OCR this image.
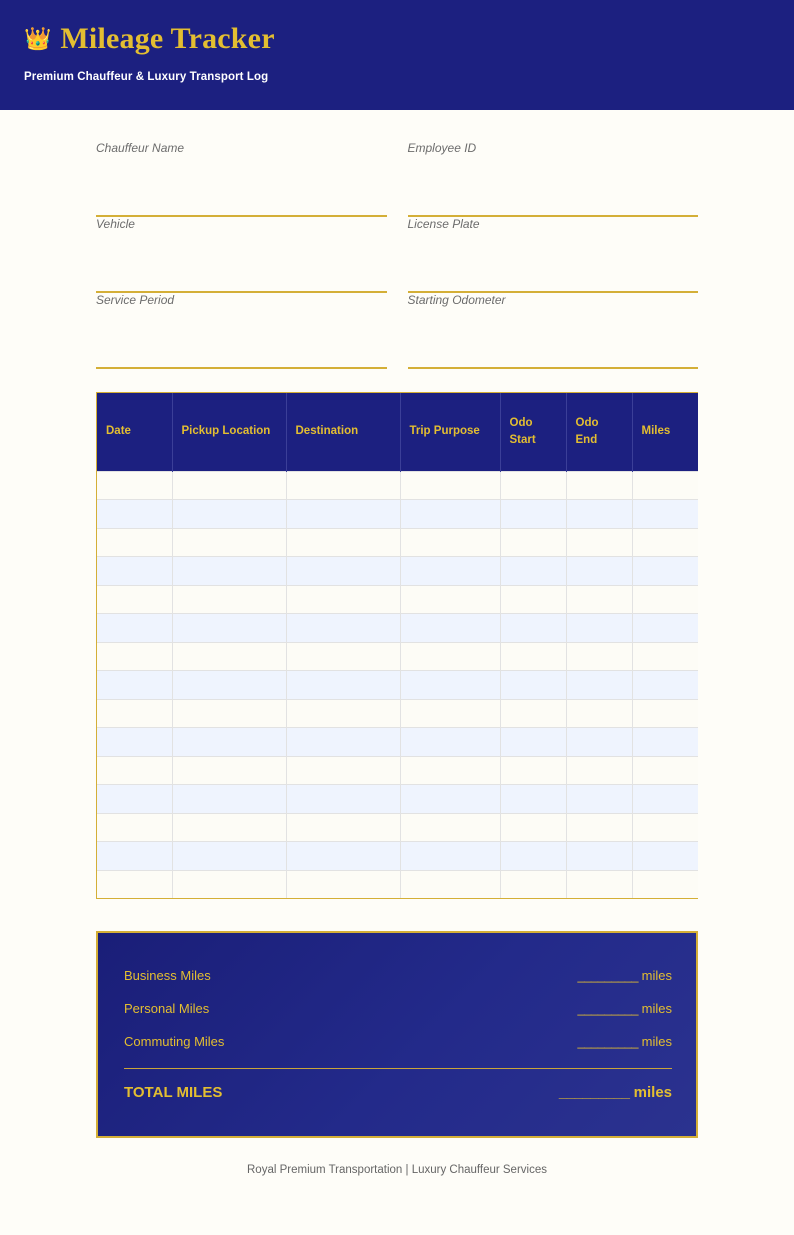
👑 Mileage Tracker
Premium Chauffeur & Luxury Transport Log
Chauffeur Name	Employee ID
Vehicle	License Plate
Service Period	Starting Odometer
Date	Pickup Location	Destination	Trip Purpose	Odo Start	Odo End	Miles

Business Miles	_________ miles
Personal Miles	_________ miles
Commuting Miles	_________ miles
TOTAL MILES	_________ miles
Royal Premium Transportation | Luxury Chauffeur Services
